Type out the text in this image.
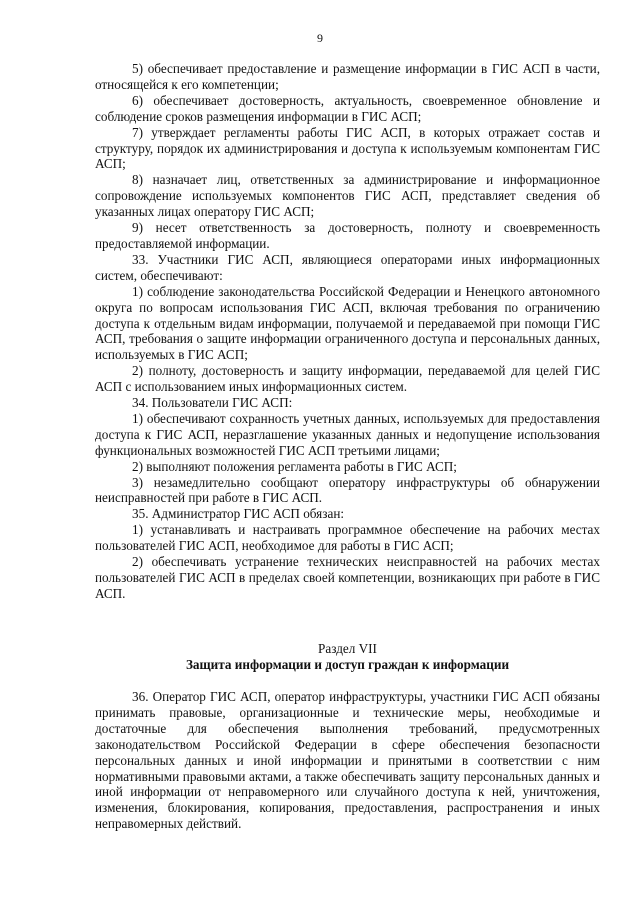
9

5) обеспечивает предоставление и размещение информации в ГИС АСП в части, относящейся к его компетенции;

6) обеспечивает достоверность, актуальность, своевременное обновление и соблюдение сроков размещения информации в ГИС АСП;

7) утверждает регламенты работы ГИС АСП, в которых отражает состав и структуру, порядок их администрирования и доступа к используемым компонентам ГИС АСП;

8) назначает лиц, ответственных за администрирование и информационное сопровождение используемых компонентов ГИС АСП, представляет сведения об указанных лицах оператору ГИС АСП;

9) несет ответственность за достоверность, полноту и своевременность предоставляемой информации.

33. Участники ГИС АСП, являющиеся операторами иных информационных систем, обеспечивают:

1) соблюдение законодательства Российской Федерации и Ненецкого автономного округа по вопросам использования ГИС АСП, включая требования по ограничению доступа к отдельным видам информации, получаемой и передаваемой при помощи ГИС АСП, требования о защите информации ограниченного доступа и персональных данных, используемых в ГИС АСП;

2) полноту, достоверность и защиту информации, передаваемой для целей ГИС АСП с использованием иных информационных систем.

34. Пользователи ГИС АСП:

1) обеспечивают сохранность учетных данных, используемых для предоставления доступа к ГИС АСП, неразглашение указанных данных и недопущение использования функциональных возможностей ГИС АСП третьими лицами;

2) выполняют положения регламента работы в ГИС АСП;

3) незамедлительно сообщают оператору инфраструктуры об обнаружении неисправностей при работе в ГИС АСП.

35. Администратор ГИС АСП обязан:

1) устанавливать и настраивать программное обеспечение на рабочих местах пользователей ГИС АСП, необходимое для работы в ГИС АСП;

2) обеспечивать устранение технических неисправностей на рабочих местах пользователей ГИС АСП в пределах своей компетенции, возникающих при работе в ГИС АСП.

Раздел VII
Защита информации и доступ граждан к информации

36. Оператор ГИС АСП, оператор инфраструктуры, участники ГИС АСП обязаны принимать правовые, организационные и технические меры, необходимые и достаточные для обеспечения выполнения требований, предусмотренных законодательством Российской Федерации в сфере обеспечения безопасности персональных данных и иной информации и принятыми в соответствии с ним нормативными правовыми актами, а также обеспечивать защиту персональных данных и иной информации от неправомерного или случайного доступа к ней, уничтожения, изменения, блокирования, копирования, предоставления, распространения и иных неправомерных действий.
